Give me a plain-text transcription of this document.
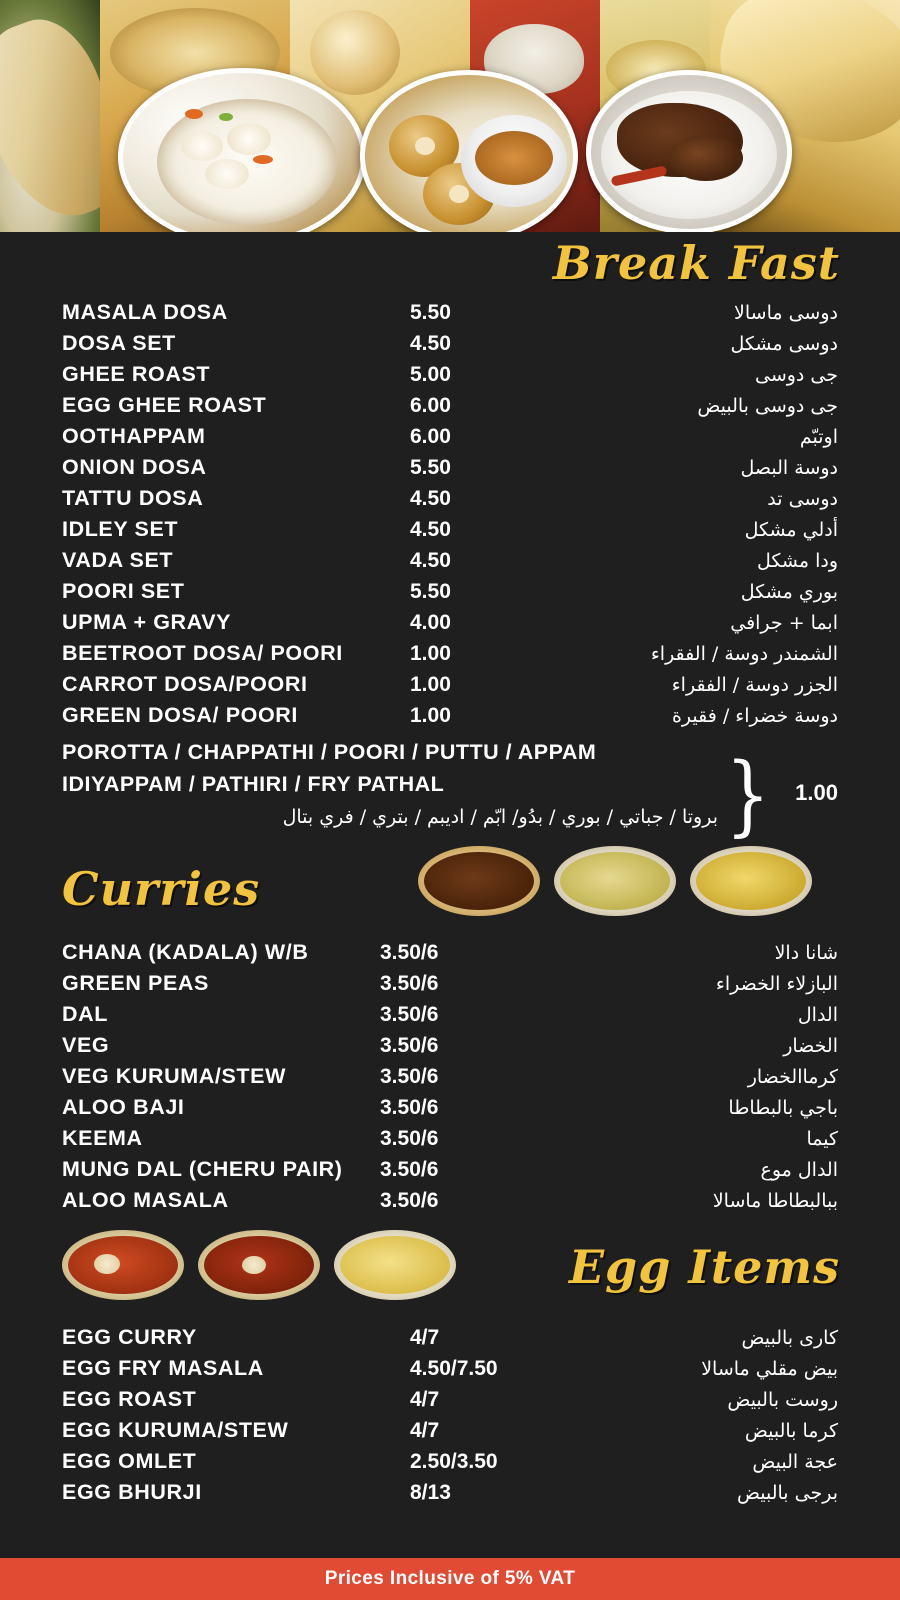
Break Fast
MASALA DOSA	5.50	دوسى ماسالا
DOSA SET	4.50	دوسى مشكل
GHEE ROAST	5.00	جى دوسى
EGG GHEE ROAST	6.00	جى دوسى بالبيض
OOTHAPPAM	6.00	اوتبّم
ONION DOSA	5.50	دوسة البصل
TATTU DOSA	4.50	دوسى تد
IDLEY SET	4.50	أدلي مشكل
VADA SET	4.50	ودا مشكل
POORI SET	5.50	بوري مشكل
UPMA + GRAVY	4.00	ابما + جرافي
BEETROOT DOSA/ POORI	1.00	الشمندر دوسة / الفقراء
CARROT DOSA/POORI	1.00	الجزر دوسة / الفقراء
GREEN DOSA/ POORI	1.00	دوسة خضراء / فقيرة
POROTTA / CHAPPATHI / POORI / PUTTU / APPAM
IDIYAPPAM / PATHIRI / FRY PATHAL
بروتا / جباتي / بوري / بدُو/ ابّم / اديبم / بتري / فري بتال } 1.00
Curries
CHANA (KADALA) W/B	3.50/6	شانا دالا
GREEN PEAS	3.50/6	البازلاء الخضراء
DAL	3.50/6	الدال
VEG	3.50/6	الخضار
VEG KURUMA/STEW	3.50/6	كرماالخضار
ALOO BAJI	3.50/6	باجي بالبطاطا
KEEMA	3.50/6	كيما
MUNG DAL (CHERU PAIR)	3.50/6	الدال موع
ALOO MASALA	3.50/6	ببالبطاطا ماسالا
Egg Items
EGG CURRY	4/7	كارى بالبيض
EGG FRY MASALA	4.50/7.50	بيض مقلي ماسالا
EGG ROAST	4/7	روست بالبيض
EGG KURUMA/STEW	4/7	كرما بالبيض
EGG OMLET	2.50/3.50	عجة البيض
EGG BHURJI	8/13	برجى بالبيض
Prices Inclusive of 5% VAT
